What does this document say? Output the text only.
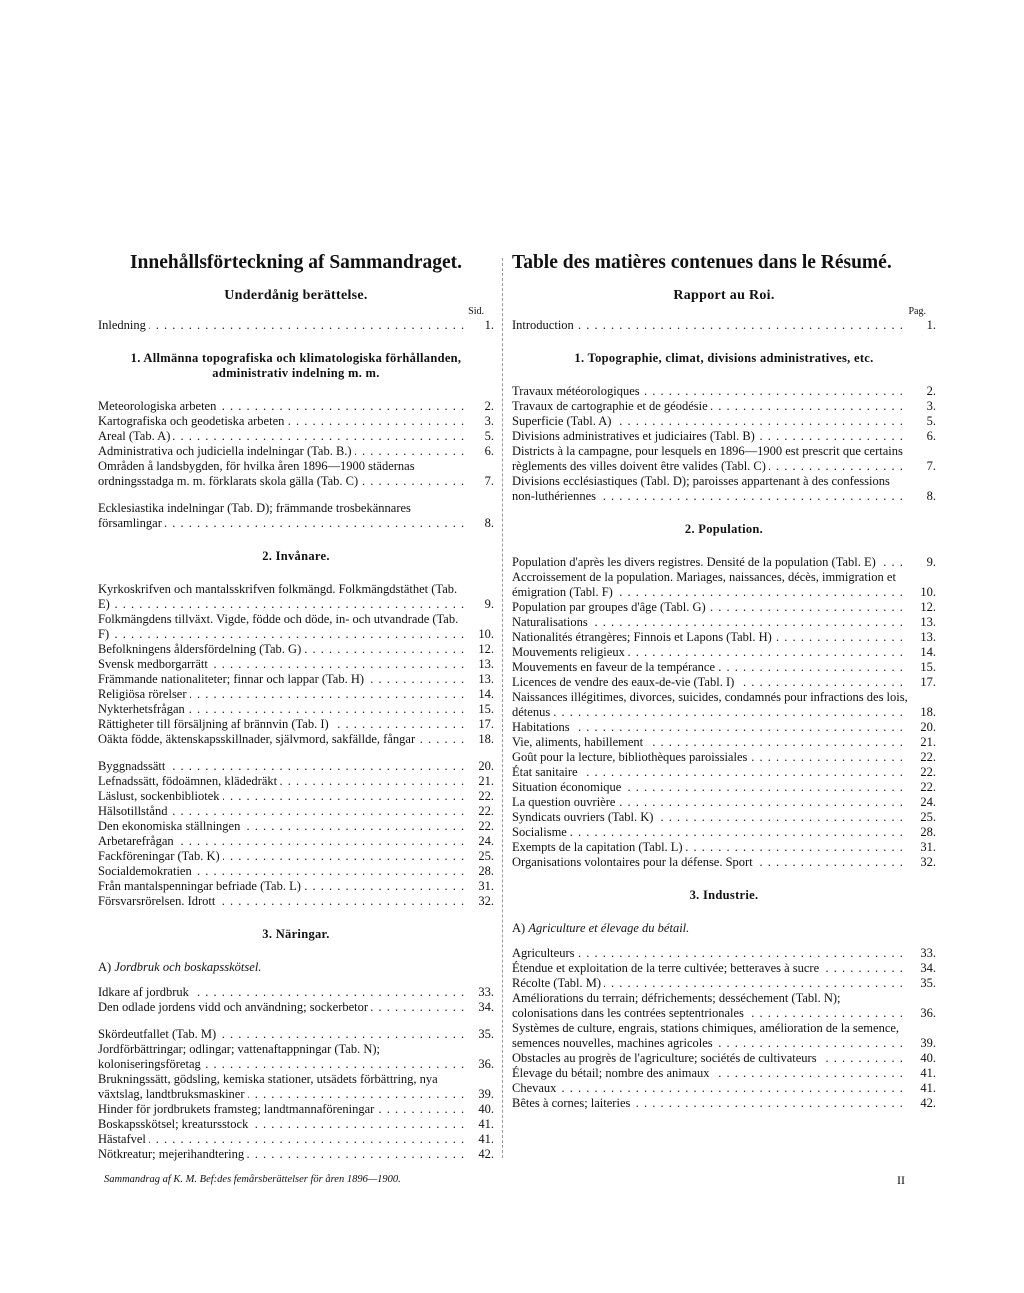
Innehållsförteckning af Sammandraget.
Underdånig berättelse.
Sid.
Inledning . . .	1.
1. Allmänna topografiska och klimatologiska förhållanden, administrativ indelning m. m.
Meteorologiska arbeten . . .	2.
Kartografiska och geodetiska arbeten . . .	3.
Areal (Tab. A) . . .	5.
Administrativa och judiciella indelningar (Tab. B.) . . .	6.
Områden å landsbygden, för hvilka åren 1896—1900 städernas ordningsstadga m. m. förklarats skola gälla (Tab. C) . . .	7.
Ecklesiastika indelningar (Tab. D); främmande trosbekännares församlingar . . .	8.
2. Invånare.
Kyrkoskrifven och mantalsskrifven folkmängd. Folkmängdstäthet (Tab. E) . . .	9.
Folkmängdens tillväxt. Vigde, födde och döde, in- och utvandrade (Tab. F) . . .	10.
Befolkningens åldersfördelning (Tab. G) . . .	12.
Svensk medborgarrätt . . .	13.
Främmande nationaliteter; finnar och lappar (Tab. H) . . .	13.
Religiösa rörelser . . .	14.
Nykterhetsfrågan . . .	15.
Rättigheter till försäljning af brännvin (Tab. I) . . .	17.
Oäkta födde, äktenskapsskillnader, självmord, sakfällde, fångar . . .	18.
Byggnadssätt . . .	20.
Lefnadssätt, födoämnen, klädedräkt . . .	21.
Läslust, sockenbibliotek . . .	22.
Hälsotillstånd . . .	22.
Den ekonomiska ställningen . . .	22.
Arbetarefrågan . . .	24.
Fackföreningar (Tab. K) . . .	25.
Socialdemokratien . . .	28.
Från mantalspenningar befriade (Tab. L) . . .	31.
Försvarsrörelsen. Idrott . . .	32.
3. Näringar.
A) Jordbruk och boskapsskötsel.
Idkare af jordbruk . . .	33.
Den odlade jordens vidd och användning; sockerbetor . . .	34.
Skördeutfallet (Tab. M) . . .	35.
Jordförbättringar; odlingar; vattenaftappningar (Tab. N); koloniseringsföretag . . .	36.
Brukningssätt, gödsling, kemiska stationer, utsädets förbättring, nya växtslag, landtbruksmaskiner . . .	39.
Hinder för jordbrukets framsteg; landtmannaföreningar . . .	40.
Boskapsskötsel; kreatursstock . . .	41.
Hästafvel . . .	41.
Nötkreatur; mejerihandtering . . .	42.
Table des matières contenues dans le Résumé.
Rapport au Roi.
Pag.
Introduction . . .	1.
1. Topographie, climat, divisions administratives, etc.
Travaux météorologiques . . .	2.
Travaux de cartographie et de géodésie . . .	3.
Superficie (Tabl. A) . . .	5.
Divisions administratives et judiciaires (Tabl. B) . . .	6.
Districts à la campagne, pour lesquels en 1896—1900 est prescrit que certains règlements des villes doivent être valides (Tabl. C) . . .	7.
Divisions ecclésiastiques (Tabl. D); paroisses appartenant à des confessions non-luthériennes . . .	8.
2. Population.
Population d'après les divers registres. Densité de la population (Tabl. E) . . .	9.
Accroissement de la population. Mariages, naissances, décès, immigration et émigration (Tabl. F) . . .	10.
Population par groupes d'âge (Tabl. G) . . .	12.
Naturalisations . . .	13.
Nationalités étrangères; Finnois et Lapons (Tabl. H) . . .	13.
Mouvements religieux . . .	14.
Mouvements en faveur de la tempérance . . .	15.
Licences de vendre des eaux-de-vie (Tabl. I) . . .	17.
Naissances illégitimes, divorces, suicides, condamnés pour infractions des lois, détenus . . .	18.
Habitations . . .	20.
Vie, aliments, habillement . . .	21.
Goût pour la lecture, bibliothèques paroissiales . . .	22.
État sanitaire . . .	22.
Situation économique . . .	22.
La question ouvrière . . .	24.
Syndicats ouvriers (Tabl. K) . . .	25.
Socialisme . . .	28.
Exempts de la capitation (Tabl. L) . . .	31.
Organisations volontaires pour la défense. Sport . . .	32.
3. Industrie.
A) Agriculture et élevage du bétail.
Agriculteurs . . .	33.
Étendue et exploitation de la terre cultivée; betteraves à sucre . . .	34.
Récolte (Tabl. M) . . .	35.
Améliorations du terrain; défrichements; desséchement (Tabl. N); colonisations dans les contrées septentrionales . . .	36.
Systèmes de culture, engrais, stations chimiques, amélioration de la semence, semences nouvelles, machines agricoles . . .	39.
Obstacles au progrès de l'agriculture; sociétés de cultivateurs . . .	40.
Élevage du bétail; nombre des animaux . . .	41.
Chevaux . . .	41.
Bêtes à cornes; laiteries . . .	42.
Sammandrag af K. M. Bef:des femårsberättelser för åren 1896—1900.	II
